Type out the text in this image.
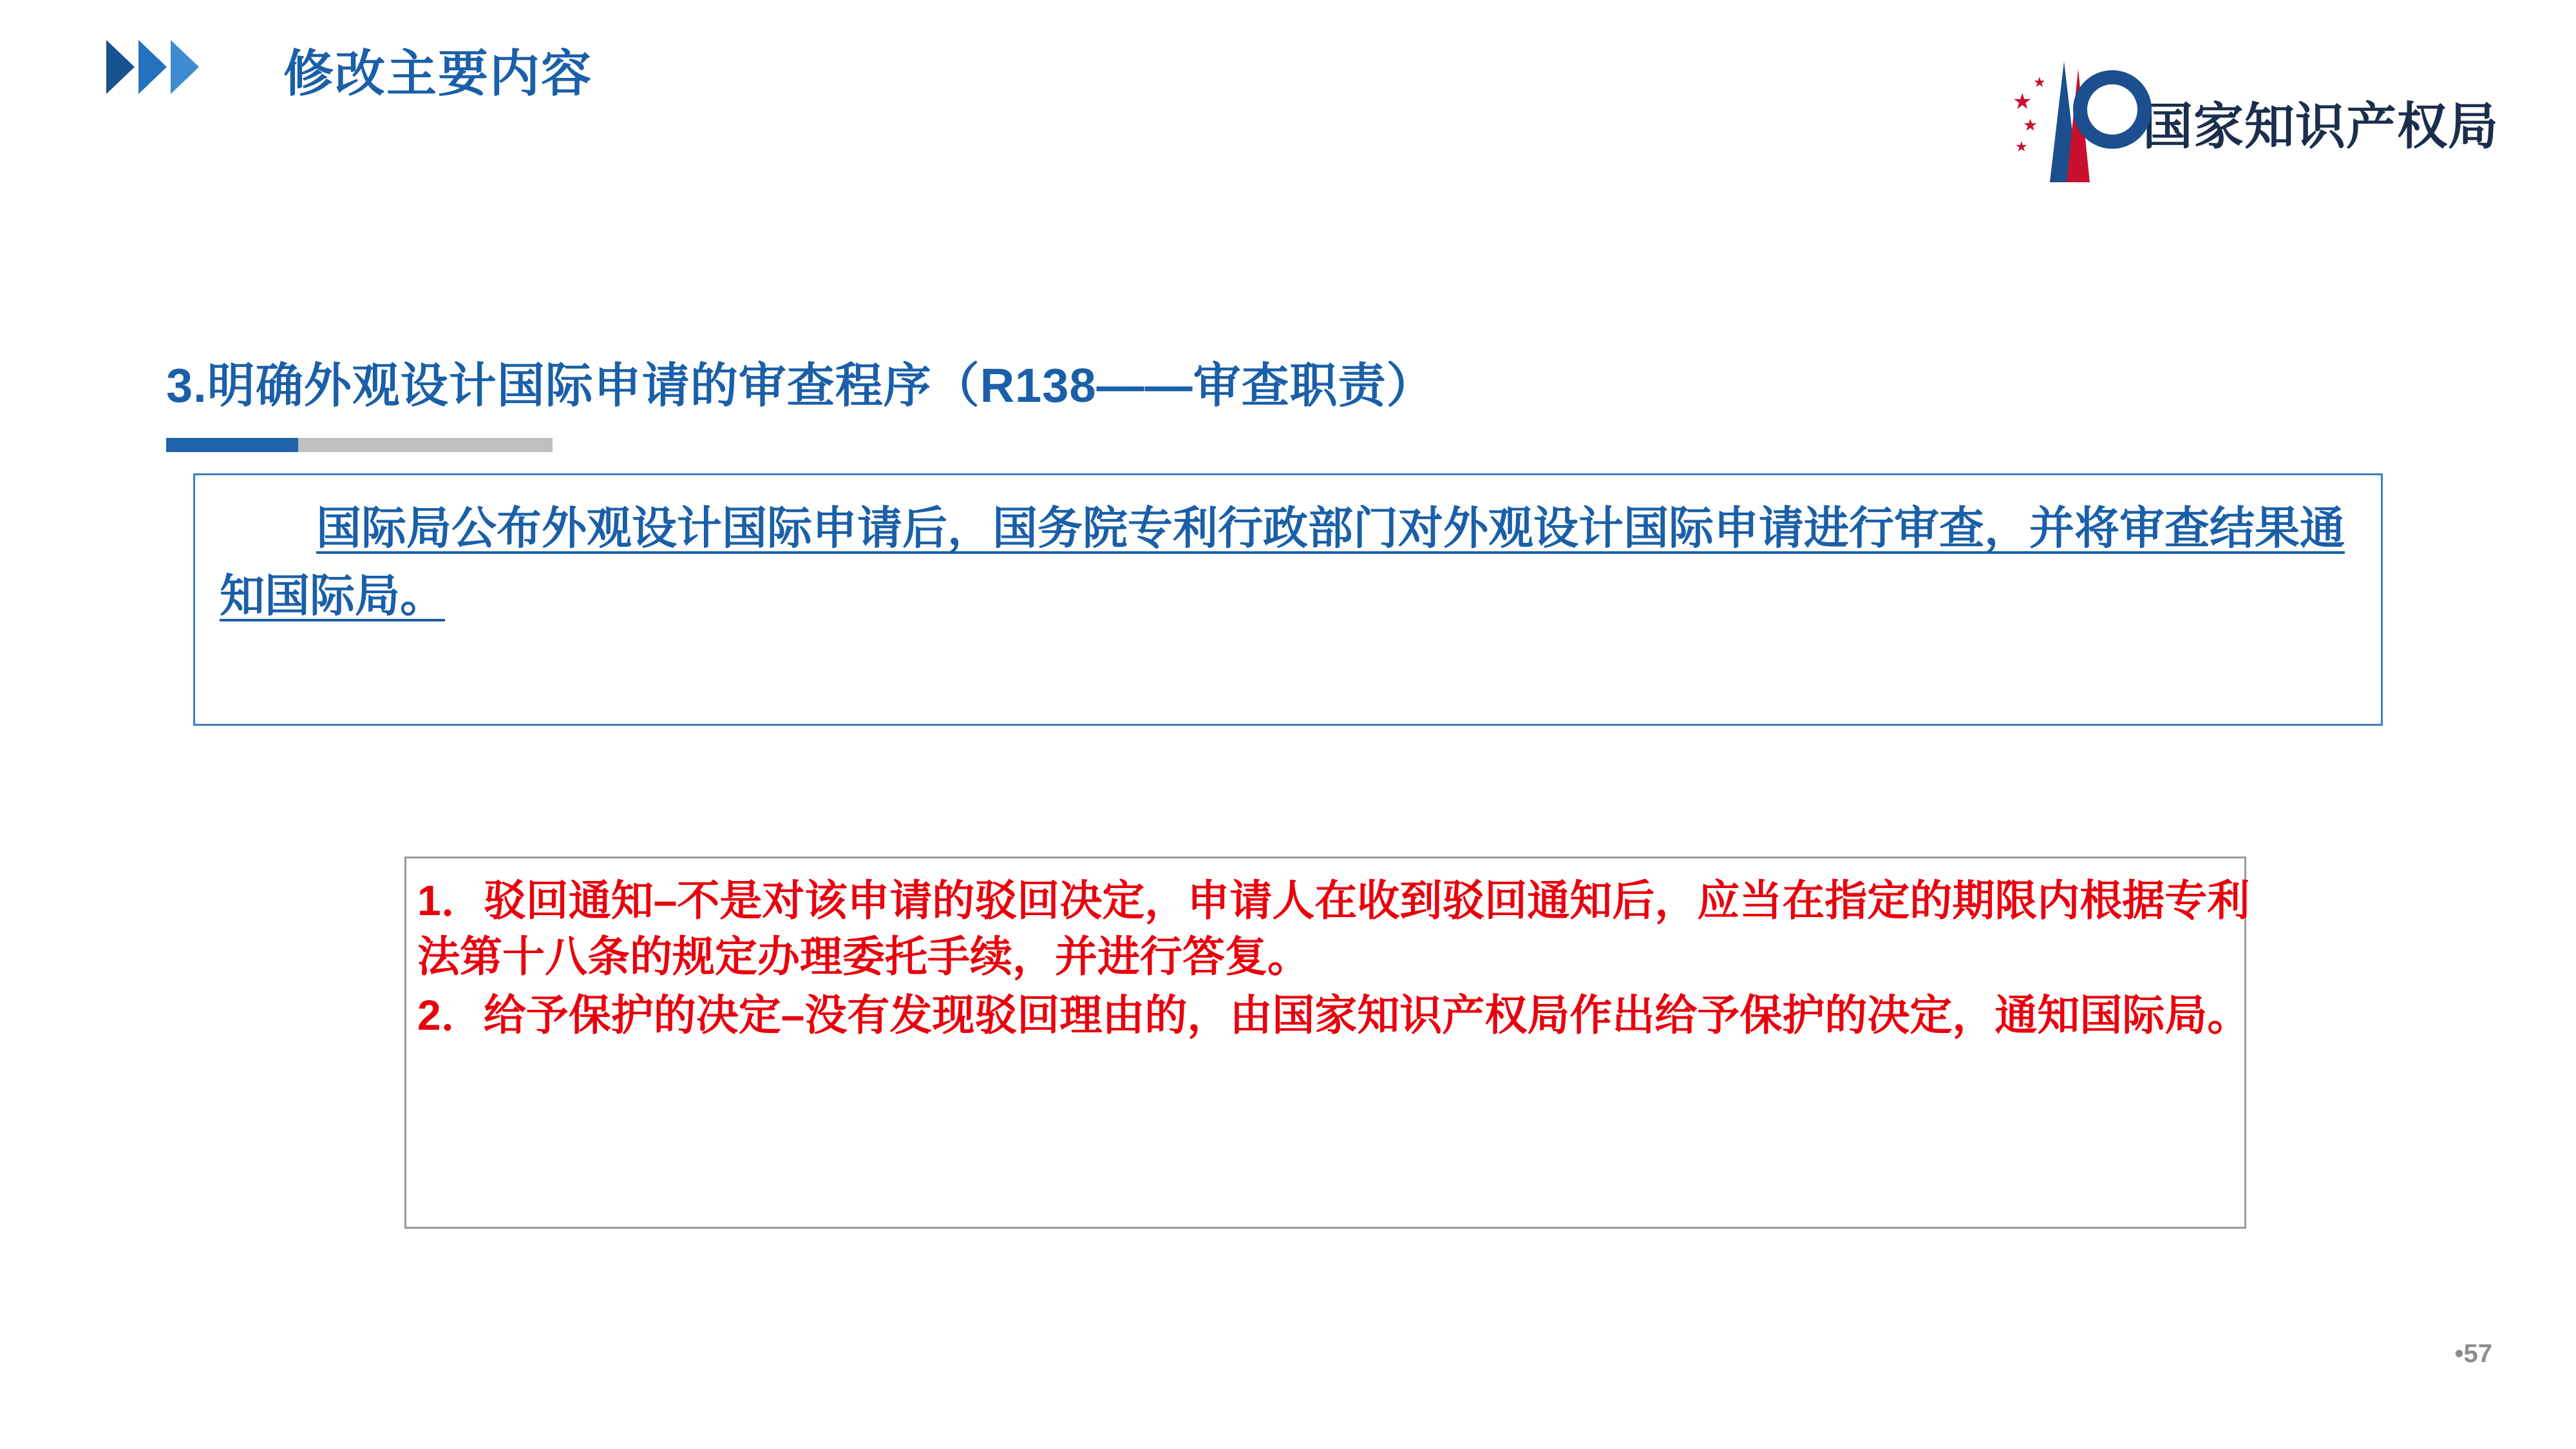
修改主要内容	★
★
★
★
国家知识产权局
3.明确外观设计国际申请的审查程序（R138——审查职责）
国际局公布外观设计国际申请后，国务院专利行政部门对外观设计国际申请进行审查，并将审查结果通知国际局。

1．驳回通知–不是对该申请的驳回决定，申请人在收到驳回通知后，应当在指定的期限内根据专利法第十八条的规定办理委托手续，并进行答复。

2．给予保护的决定–没有发现驳回理由的，由国家知识产权局作出给予保护的决定，通知国际局。

•57
